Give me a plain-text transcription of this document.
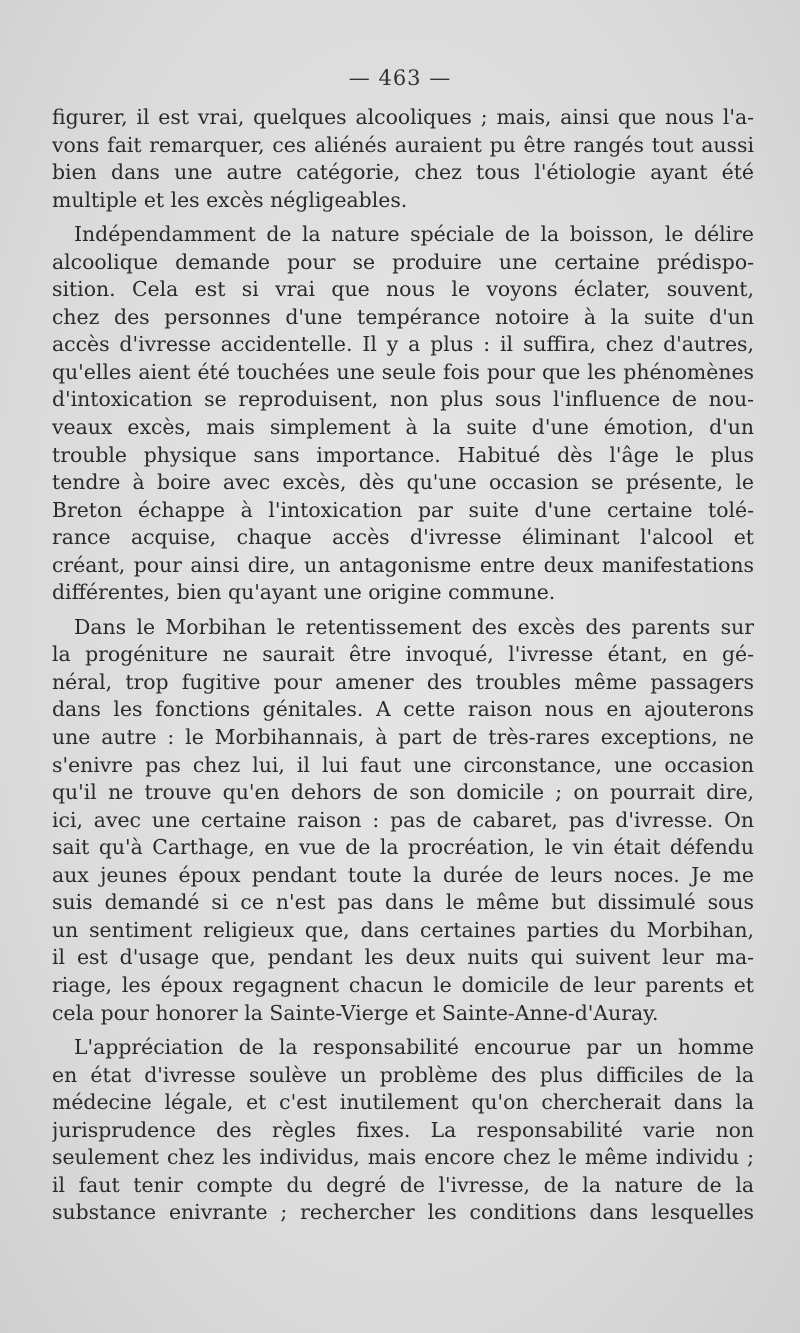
— 463 —
figurer, il est vrai, quelques alcooliques ; mais, ainsi que nous l'a-
vons fait remarquer, ces aliénés auraient pu être rangés tout aussi
bien dans une autre catégorie, chez tous l'étiologie ayant été
multiple et les excès négligeables.
Indépendamment de la nature spéciale de la boisson, le délire
alcoolique demande pour se produire une certaine prédispo-
sition. Cela est si vrai que nous le voyons éclater, souvent,
chez des personnes d'une tempérance notoire à la suite d'un
accès d'ivresse accidentelle. Il y a plus : il suffira, chez d'autres,
qu'elles aient été touchées une seule fois pour que les phénomènes
d'intoxication se reproduisent, non plus sous l'influence de nou-
veaux excès, mais simplement à la suite d'une émotion, d'un
trouble physique sans importance. Habitué dès l'âge le plus
tendre à boire avec excès, dès qu'une occasion se présente, le
Breton échappe à l'intoxication par suite d'une certaine tolé-
rance acquise, chaque accès d'ivresse éliminant l'alcool et
créant, pour ainsi dire, un antagonisme entre deux manifestations
différentes, bien qu'ayant une origine commune.
Dans le Morbihan le retentissement des excès des parents sur
la progéniture ne saurait être invoqué, l'ivresse étant, en gé-
néral, trop fugitive pour amener des troubles même passagers
dans les fonctions génitales. A cette raison nous en ajouterons
une autre : le Morbihannais, à part de très-rares exceptions, ne
s'enivre pas chez lui, il lui faut une circonstance, une occasion
qu'il ne trouve qu'en dehors de son domicile ; on pourrait dire,
ici, avec une certaine raison : pas de cabaret, pas d'ivresse. On
sait qu'à Carthage, en vue de la procréation, le vin était défendu
aux jeunes époux pendant toute la durée de leurs noces. Je me
suis demandé si ce n'est pas dans le même but dissimulé sous
un sentiment religieux que, dans certaines parties du Morbihan,
il est d'usage que, pendant les deux nuits qui suivent leur ma-
riage, les époux regagnent chacun le domicile de leur parents et
cela pour honorer la Sainte-Vierge et Sainte-Anne-d'Auray.
L'appréciation de la responsabilité encourue par un homme
en état d'ivresse soulève un problème des plus difficiles de la
médecine légale, et c'est inutilement qu'on chercherait dans la
jurisprudence des règles fixes. La responsabilité varie non
seulement chez les individus, mais encore chez le même individu ;
il faut tenir compte du degré de l'ivresse, de la nature de la
substance enivrante ; rechercher les conditions dans lesquelles
